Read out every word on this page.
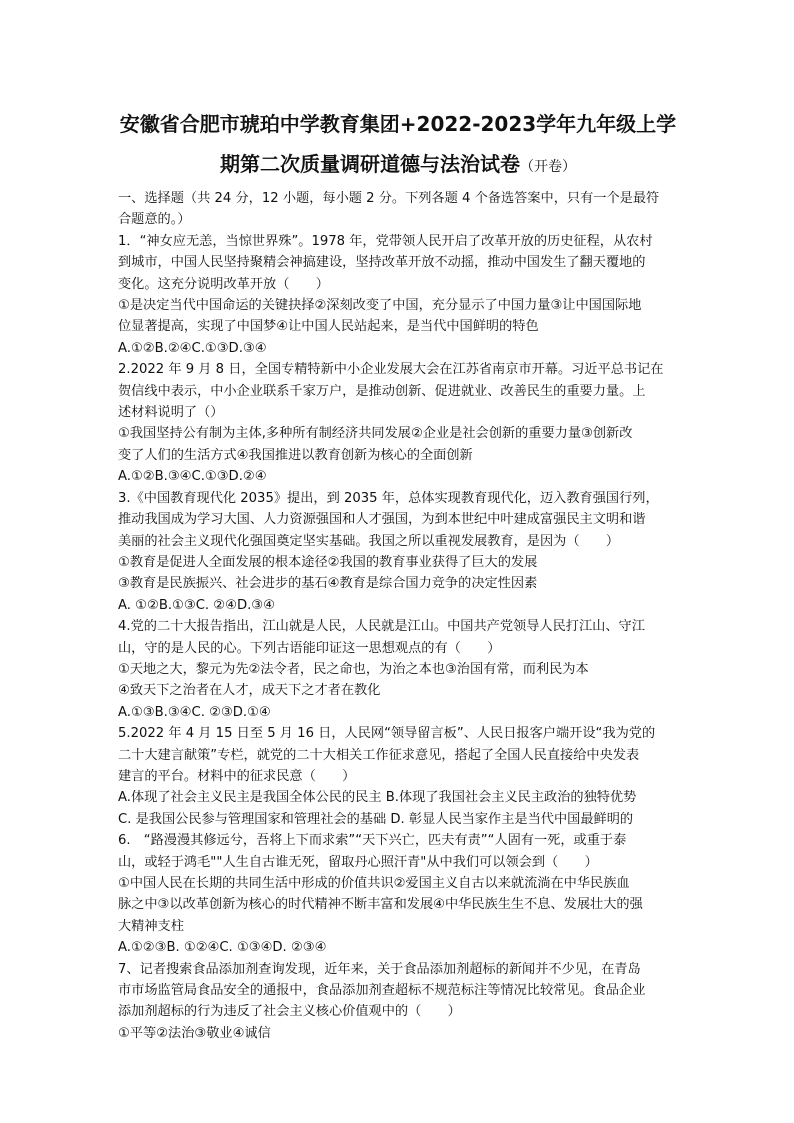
安徽省合肥市琥珀中学教育集团+2022-2023学年九年级上学

期第二次质量调研道德与法治试卷（开卷）

一、选择题（共 24 分，12 小题，每小题 2 分。下列各题 4 个备选答案中，只有一个是最符

合题意的。）

1．“神女应无恙，当惊世界殊”。1978 年，党带领人民开启了改革开放的历史征程，从农村

到城市，中国人民坚持聚精会神搞建设，坚持改革开放不动摇，推动中国发生了翻天覆地的

变化。这充分说明改革开放（　　）

①是决定当代中国命运的关键抉择②深刻改变了中国，充分显示了中国力量③让中国国际地

位显著提高，实现了中国梦④让中国人民站起来，是当代中国鲜明的特色

A.①②B.②④C.①③D.③④

2.2022 年 9 月 8 日，全国专精特新中小企业发展大会在江苏省南京市开幕。习近平总书记在

贺信线中表示，中小企业联系千家万户，是推动创新、促进就业、改善民生的重要力量。上

述材料说明了（）

①我国坚持公有制为主体,多种所有制经济共同发展②企业是社会创新的重要力量③创新改

变了人们的生活方式④我国推进以教育创新为核心的全面创新

A.①②B.③④C.①③D.②④

3.《中国教育现代化 2035》提出，到 2035 年，总体实现教育现代化，迈入教育强国行列，

推动我国成为学习大国、人力资源强国和人才强国，为到本世纪中叶建成富强民主文明和谐

美丽的社会主义现代化强国奠定坚实基础。我国之所以重视发展教育，是因为（　　）

①教育是促进人全面发展的根本途径②我国的教育事业获得了巨大的发展

③教育是民族振兴、社会进步的基石④教育是综合国力竞争的决定性因素

A. ①②B.①③C. ②④D.③④

4.党的二十大报告指出，江山就是人民，人民就是江山。中国共产党领导人民打江山、守江

山，守的是人民的心。下列古语能印证这一思想观点的有（　　）

①天地之大，黎元为先②法令者，民之命也，为治之本也③治国有常，而利民为本

④致天下之治者在人才，成天下之才者在教化

A.①③B.③④C. ②③D.①④

5.2022 年 4 月 15 日至 5 月 16 日，人民网“领导留言板”、人民日报客户端开设“我为党的

二十大建言献策”专栏，就党的二十大相关工作征求意见，搭起了全国人民直接给中央发表

建言的平台。材料中的征求民意（　　）

A.体现了社会主义民主是我国全体公民的民主 B.体现了我国社会主义民主政治的独特优势

C. 是我国公民参与管理国家和管理社会的基础 D. 彰显人民当家作主是当代中国最鲜明的

6.　“路漫漫其修远兮，吾将上下而求索”“天下兴亡，匹夫有责”“人固有一死，或重于泰

山，或轻于鸿毛""人生自古谁无死，留取丹心照汗青"从中我们可以领会到（　　）

①中国人民在长期的共同生活中形成的价值共识②爱国主义自古以来就流淌在中华民族血

脉之中③以改革创新为核心的时代精神不断丰富和发展④中华民族生生不息、发展壮大的强

大精神支柱

A.①②③B. ①②④C. ①③④D. ②③④

7、记者搜索食品添加剂查询发现，近年来，关于食品添加剂超标的新闻并不少见，在青岛

市市场监管局食品安全的通报中，食品添加剂查超标不规范标注等情况比较常见。食品企业

添加剂超标的行为违反了社会主义核心价值观中的（　　）

①平等②法治③敬业④诚信
